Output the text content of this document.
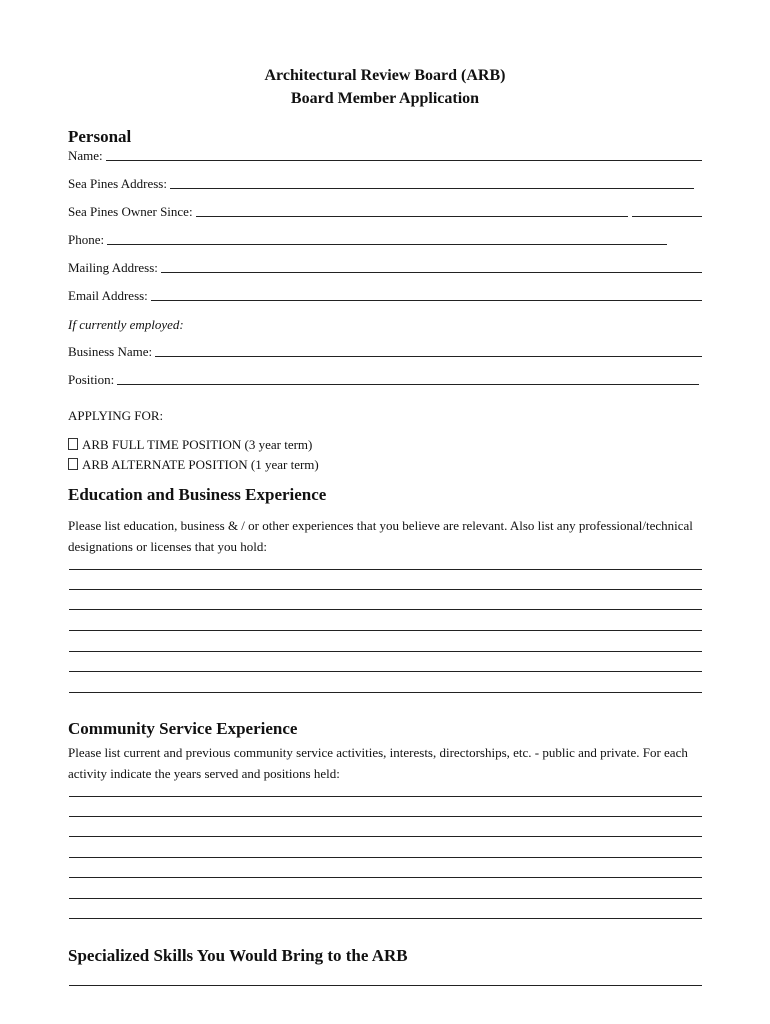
Architectural Review Board (ARB)
Board Member Application
Personal
Name:
Sea Pines Address:
Sea Pines Owner Since:
Phone:
Mailing Address:
Email Address:
If currently employed:
Business Name:
Position:
APPLYING FOR:
ARB FULL TIME POSITION (3 year term)
ARB ALTERNATE POSITION (1 year term)
Education and Business Experience
Please list education, business & / or other experiences that you believe are relevant. Also list any professional/technical designations or licenses that you hold:
Community Service Experience
Please list current and previous community service activities, interests, directorships, etc. - public and private. For each activity indicate the years served and positions held:
Specialized Skills You Would Bring to the ARB
